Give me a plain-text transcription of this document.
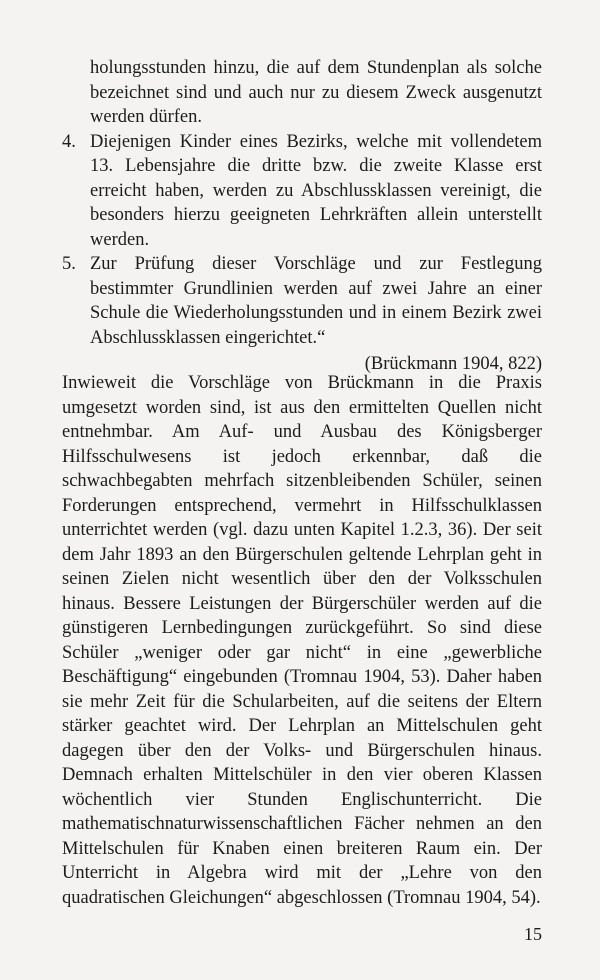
holungsstunden hinzu, die auf dem Stundenplan als solche bezeichnet sind und auch nur zu diesem Zweck ausgenutzt werden dürfen.
4. Diejenigen Kinder eines Bezirks, welche mit vollendetem 13. Lebensjahre die dritte bzw. die zweite Klasse erst erreicht haben, werden zu Abschlussklassen vereinigt, die besonders hierzu geeigneten Lehrkräften allein unterstellt werden.
5. Zur Prüfung dieser Vorschläge und zur Festlegung bestimmter Grundlinien werden auf zwei Jahre an einer Schule die Wiederholungsstunden und in einem Bezirk zwei Abschlussklassen eingerichtet.“
(Brückmann 1904, 822)
Inwieweit die Vorschläge von Brückmann in die Praxis umgesetzt worden sind, ist aus den ermittelten Quellen nicht entnehmbar. Am Auf- und Ausbau des Königsberger Hilfsschulwesens ist jedoch erkennbar, daß die schwachbegabten mehrfach sitzenbleibenden Schüler, seinen Forderungen entsprechend, vermehrt in Hilfsschulklassen unterrichtet werden (vgl. dazu unten Kapitel 1.2.3, 36). Der seit dem Jahr 1893 an den Bürgerschulen geltende Lehrplan geht in seinen Zielen nicht wesentlich über den der Volksschulen hinaus. Bessere Leistungen der Bürgerschüler werden auf die günstigeren Lernbedingungen zurückgeführt. So sind diese Schüler „weniger oder gar nicht“ in eine „gewerbliche Beschäftigung“ eingebunden (Tromnau 1904, 53). Daher haben sie mehr Zeit für die Schularbeiten, auf die seitens der Eltern stärker geachtet wird. Der Lehrplan an Mittelschulen geht dagegen über den der Volks- und Bürgerschulen hinaus. Demnach erhalten Mittelschüler in den vier oberen Klassen wöchentlich vier Stunden Englischunterricht. Die mathematischnaturwissenschaftlichen Fächer nehmen an den Mittelschulen für Knaben einen breiteren Raum ein. Der Unterricht in Algebra wird mit der „Lehre von den quadratischen Gleichungen“ abgeschlossen (Tromnau 1904, 54).
15
